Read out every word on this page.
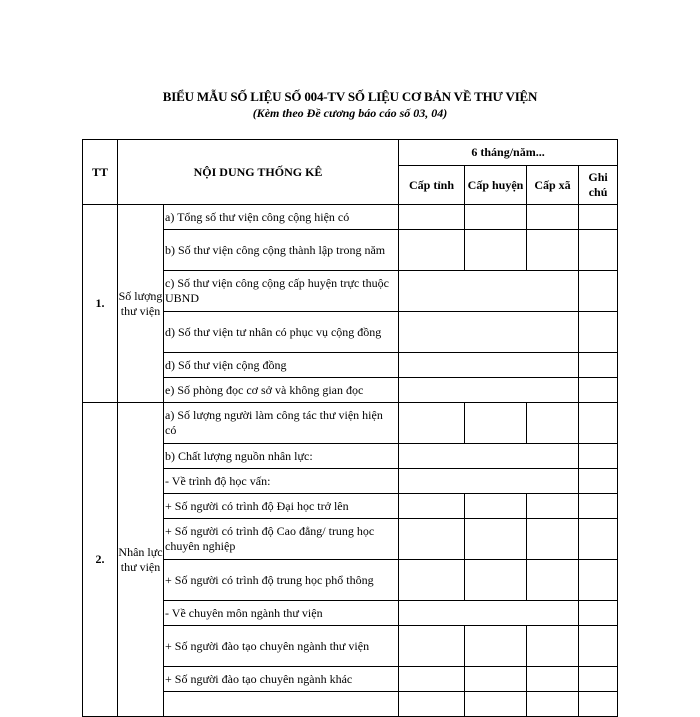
BIỂU MẪU SỐ LIỆU SỐ 004-TV SỐ LIỆU CƠ BẢN VỀ THƯ VIỆN
(Kèm theo Đề cương báo cáo số 03, 04)
TT	NỘI DUNG THỐNG KÊ		6 tháng/năm...			
			Cấp tỉnh	Cấp huyện	Cấp xã	Ghi chú
1.	Số lượng thư viện	a) Tổng số thư viện công cộng hiện có				
		b) Số thư viện công cộng thành lập trong năm				
		c) Số thư viện công cộng cấp huyện trực thuộc UBND				
		d) Số thư viện tư nhân có phục vụ cộng đồng				
		d) Số thư viện cộng đồng				
		e) Số phòng đọc cơ sở và không gian đọc				
2.	Nhân lực thư viện	a) Số lượng người làm công tác thư viện hiện có				
		b) Chất lượng nguồn nhân lực:				
		- Về trình độ học vấn:				
		+ Số người có trình độ Đại học trở lên				
		+ Số người có trình độ Cao đẳng/ trung học chuyên nghiệp				
		+ Số người có trình độ trung học phổ thông				
		- Về chuyên môn ngành thư viện				
		+ Số người đào tạo chuyên ngành thư viện				
		+ Số người đào tạo chuyên ngành khác				
